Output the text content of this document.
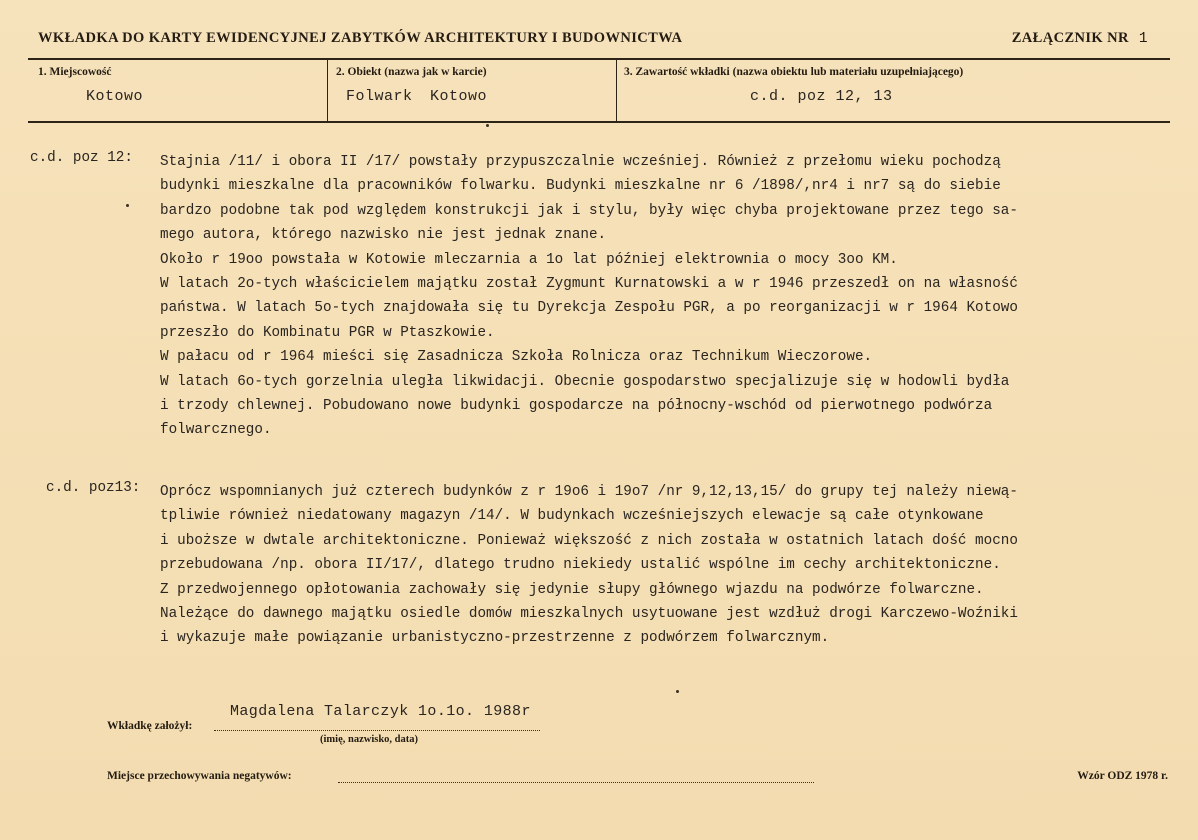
WKŁADKA DO KARTY EWIDENCYJNEJ ZABYTKÓW ARCHITEKTURY I BUDOWNICTWA	ZAŁĄCZNIK NR 1
1. Miejscowość
Kotowo
2. Obiekt (nazwa jak w karcie)
Folwark Kotowo
3. Zawartość wkładki (nazwa obiektu lub materiału uzupełniającego)
c.d. poz 12, 13
c.d. poz 12: Stajnia /11/ i obora II /17/ powstały przypuszczalnie wcześniej. Również z przełomu wieku pochodzą
budynki mieszkalne dla pracowników folwarku. Budynki mieszkalne nr 6 /1898/,nr4 i nr7 są do siebie
bardzo podobne tak pod względem konstrukcji jak i stylu, były więc chyba projektowane przez tego sa-
mego autora, którego nazwisko nie jest jednak znane.
Około r 19oo powstała w Kotowie mleczarnia a 1o lat później elektrownia o mocy 3oo KM.
W latach 2o-tych właścicielem majątku został Zygmunt Kurnatowski a w r 1946 przeszedł on na własność
państwa. W latach 5o-tych znajdowała się tu Dyrekcja Zespołu PGR, a po reorganizacji w r 1964 Kotowo
przeszło do Kombinatu PGR w Ptaszkowie.
W pałacu od r 1964 mieści się Zasadnicza Szkoła Rolnicza oraz Technikum Wieczorowe.
W latach 6o-tych gorzelnia uległa likwidacji. Obecnie gospodarstwo specjalizuje się w hodowli bydła
i trzody chlewnej. Pobudowano nowe budynki gospodarcze na północny-wschód od pierwotnego podwórza
folwarcznego.
c.d. poz13: Oprócz wspomnianych już czterech budynków z r 19o6 i 19o7 /nr 9,12,13,15/ do grupy tej należy niewą-
tpliwie również niedatowany magazyn /14/. W budynkach wcześniejszych elewacje są całe otynkowane
i uboższe w dwtale architektoniczne. Ponieważ większość z nich została w ostatnich latach dość mocno
przebudowana /np. obora II/17/, dlatego trudno niekiedy ustalić wspólne im cechy architektoniczne.
Z przedwojennego opłotowania zachowały się jedynie słupy głównego wjazdu na podwórze folwarczne.
Należące do dawnego majątku osiedle domów mieszkalnych usytuowane jest wzdłuż drogi Karczewo-Woźniki
i wykazuje małe powiązanie urbanistyczno-przestrzenne z podwórzem folwarcznym.
Wkładkę założył:
Magdalena Talarczyk 1o.1o. 1988r
(imię, nazwisko, data)
Miejsce przechowywania negatywów:	Wzór ODZ 1978 r.
